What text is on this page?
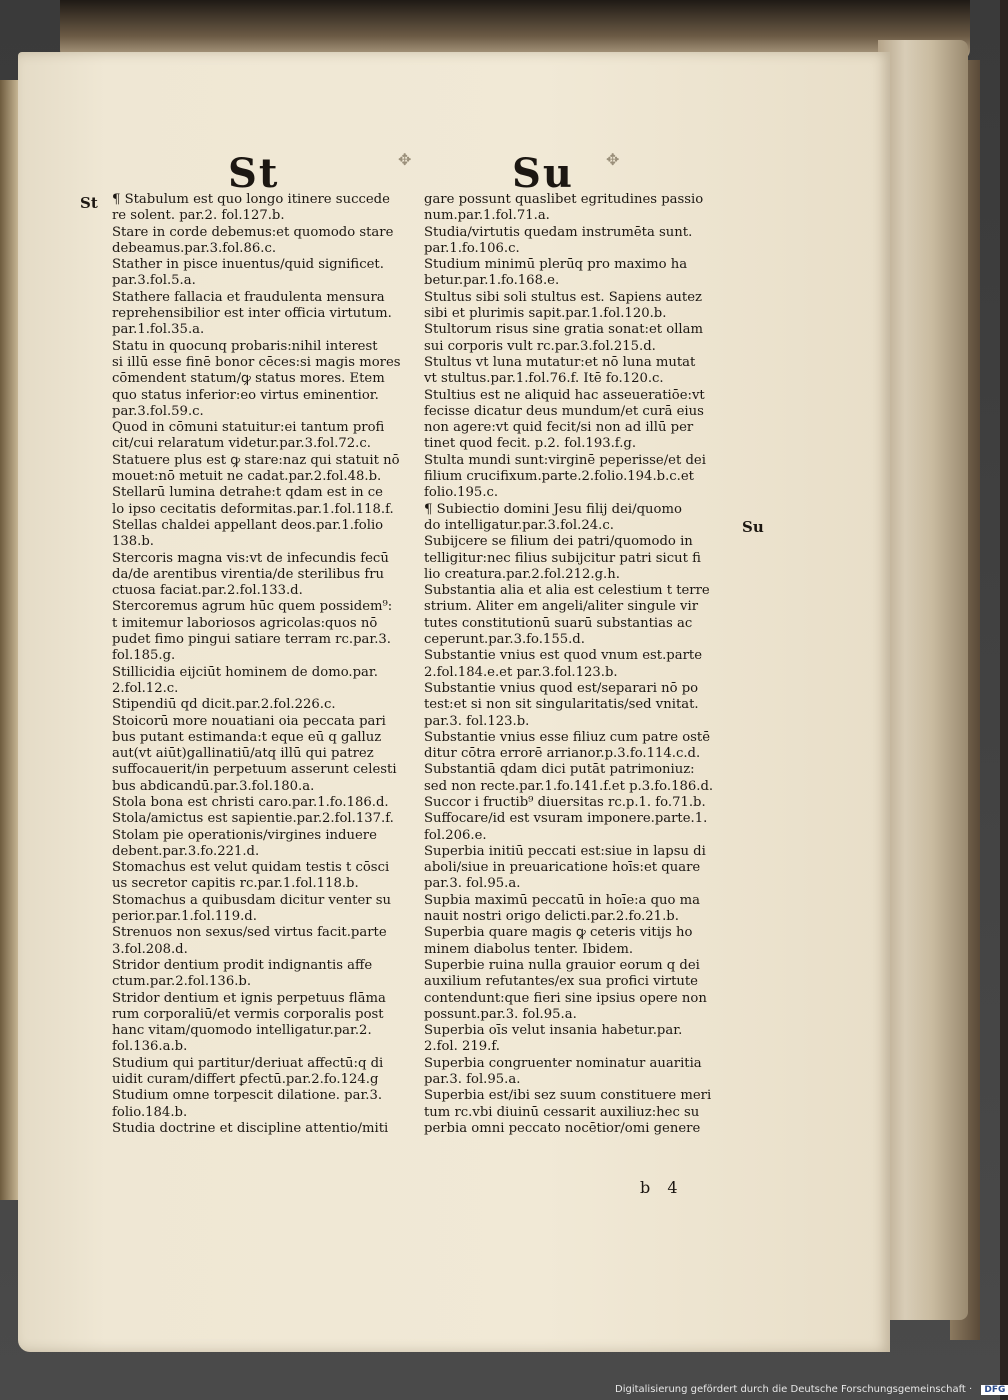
St	✥	Su ✥
St
Su
¶ Stabulum est quo longo itinere succede
re solent. par.2. fol.127.b.
Stare in corde debemus:et quomodo stare
debeamus.par.3.fol.86.c.
Stather in pisce inuentus/quid significet.
par.3.fol.5.a.
Stathere fallacia et fraudulenta mensura
reprehensibilior est inter officia virtutum.
par.1.fol.35.a.
Statu in quocunq probaris:nihil interest
si illū esse finē bonor cēces:si magis mores
cōmendent statum/ꝙ status mores. Etem
quo status inferior:eo virtus eminentior.
par.3.fol.59.c.
Quod in cōmuni statuitur:ei tantum profi
cit/cui relaratum videtur.par.3.fol.72.c.
Statuere plus est ꝙ stare:naz qui statuit nō
mouet:nō metuit ne cadat.par.2.fol.48.b.
Stellarū lumina detrahe:t qdam est in ce
lo ipso cecitatis deformitas.par.1.fol.118.f.
Stellas chaldei appellant deos.par.1.folio
138.b.
Stercoris magna vis:vt de infecundis fecū
da/de arentibus virentia/de sterilibus fru
ctuosa faciat.par.2.fol.133.d.
Stercoremus agrum hūc quem possidem⁹:
t imitemur laboriosos agricolas:quos nō
pudet fimo pingui satiare terram rc.par.3.
fol.185.g.
Stillicidia eijciūt hominem de domo.par.
2.fol.12.c.
Stipendiū qd dicit.par.2.fol.226.c.
Stoicorū more nouatiani oia peccata pari
bus putant estimanda:t eque eū q galluz
aut(vt aiūt)gallinatiū/atq illū qui patrez
suffocauerit/in perpetuum asserunt celesti
bus abdicandū.par.3.fol.180.a.
Stola bona est christi caro.par.1.fo.186.d.
Stola/amictus est sapientie.par.2.fol.137.f.
Stolam pie operationis/virgines induere
debent.par.3.fo.221.d.
Stomachus est velut quidam testis t cōsci
us secretor capitis rc.par.1.fol.118.b.
Stomachus a quibusdam dicitur venter su
perior.par.1.fol.119.d.
Strenuos non sexus/sed virtus facit.parte
3.fol.208.d.
Stridor dentium prodit indignantis affe
ctum.par.2.fol.136.b.
Stridor dentium et ignis perpetuus flāma
rum corporaliū/et vermis corporalis post
hanc vitam/quomodo intelligatur.par.2.
fol.136.a.b.
Studium qui partitur/deriuat affectū:q di
uidit curam/differt ꝑfectū.par.2.fo.124.g
Studium omne torpescit dilatione. par.3.
folio.184.b.
Studia doctrine et discipline attentio/miti
gare possunt quaslibet egritudines passio
num.par.1.fol.71.a.
Studia/virtutis quedam instrumēta sunt.
par.1.fo.106.c.
Studium minimū plerūq pro maximo ha
betur.par.1.fo.168.e.
Stultus sibi soli stultus est. Sapiens autez
sibi et plurimis sapit.par.1.fol.120.b.
Stultorum risus sine gratia sonat:et ollam
sui corporis vult rc.par.3.fol.215.d.
Stultus vt luna mutatur:et nō luna mutat
vt stultus.par.1.fol.76.f. Itē fo.120.c.
Stultius est ne aliquid hac asseueratiōe:vt
fecisse dicatur deus mundum/et curā eius
non agere:vt quid fecit/si non ad illū per
tinet quod fecit. p.2. fol.193.f.g.
Stulta mundi sunt:virginē peperisse/et dei
filium crucifixum.parte.2.folio.194.b.c.et
folio.195.c.
¶ Subiectio domini Jesu filij dei/quomo
do intelligatur.par.3.fol.24.c.
Subijcere se filium dei patri/quomodo in
telligitur:nec filius subijcitur patri sicut fi
lio creatura.par.2.fol.212.g.h.
Substantia alia et alia est celestium t terre
strium. Aliter em angeli/aliter singule vir
tutes constitutionū suarū substantias ac
ceperunt.par.3.fo.155.d.
Substantie vnius est quod vnum est.parte
2.fol.184.e.et par.3.fol.123.b.
Substantie vnius quod est/separari nō po
test:et si non sit singularitatis/sed vnitat.
par.3. fol.123.b.
Substantie vnius esse filiuz cum patre ostē
ditur cōtra errorē arrianor.p.3.fo.114.c.d.
Substantiā qdam dici putāt patrimoniuz:
sed non recte.par.1.fo.141.f.et p.3.fo.186.d.
Succor i fructib⁹ diuersitas rc.p.1. fo.71.b.
Suffocare/id est vsuram imponere.parte.1.
fol.206.e.
Superbia initiū peccati est:siue in lapsu di
aboli/siue in preuaricatione hoīs:et quare
par.3. fol.95.a.
Supbia maximū peccatū in hoīe:a quo ma
nauit nostri origo delicti.par.2.fo.21.b.
Superbia quare magis ꝙ ceteris vitijs ho
minem diabolus tenter. Ibidem.
Superbie ruina nulla grauior eorum q dei
auxilium refutantes/ex sua profici virtute
contendunt:que fieri sine ipsius opere non
possunt.par.3. fol.95.a.
Superbia oīs velut insania habetur.par.
2.fol. 219.f.
Superbia congruenter nominatur auaritia
par.3. fol.95.a.
Superbia est/ibi sez suum constituere meri
tum rc.vbi diuinū cessarit auxiliuz:hec su
perbia omni peccato nocētior/omi genere
b 4
Digitalisierung gefördert durch die Deutsche Forschungsgemeinschaft · DFG
